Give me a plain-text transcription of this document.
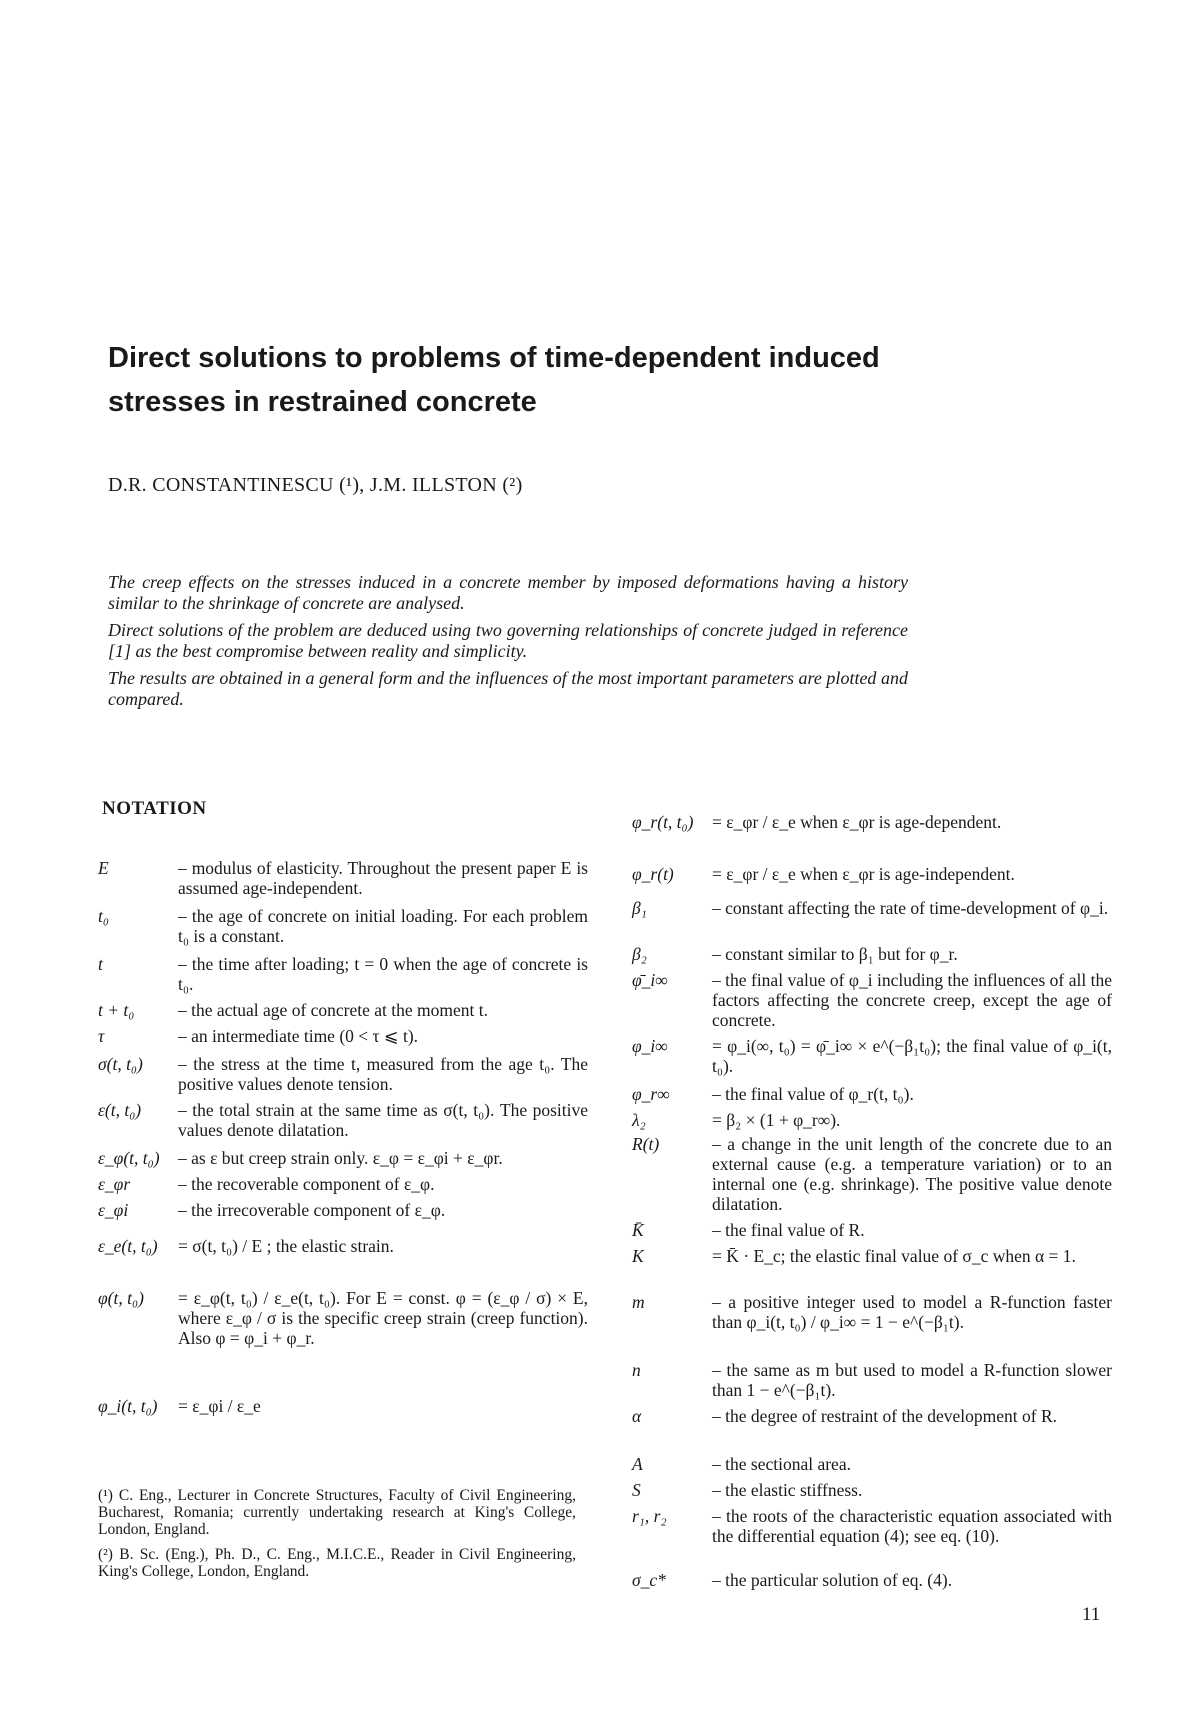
Direct solutions to problems of time-dependent induced stresses in restrained concrete
D.R. CONSTANTINESCU (¹), J.M. ILLSTON (²)

The creep effects on the stresses induced in a concrete member by imposed deformations having a history similar to the shrinkage of concrete are analysed.

Direct solutions of the problem are deduced using two governing relationships of concrete judged in reference [1] as the best compromise between reality and simplicity.

The results are obtained in a general form and the influences of the most important parameters are plotted and compared.

NOTATION
E	– modulus of elasticity. Throughout the present paper E is assumed age-independent.
t₀	– the age of concrete on initial loading. For each problem t₀ is a constant.
t	– the time after loading; t = 0 when the age of concrete is t₀.
t + t₀ – the actual age of concrete at the moment t.
τ	– an intermediate time (0 < τ ⩽ t).
σ(t, t₀) – the stress at the time t, measured from the age t₀. The positive values denote tension.
ε(t, t₀) – the total strain at the same time as σ(t, t₀). The positive values denote dilatation.
ε_φ(t, t₀) – as ε but creep strain only. ε_φ = ε_φi + ε_φr.
ε_φr	– the recoverable component of ε_φ.
ε_φi	– the irrecoverable component of ε_φ.
ε_e(t, t₀) = σ(t, t₀) / E ; the elastic strain.
φ(t, t₀) = ε_φ(t, t₀) / ε_e(t, t₀). For E = const. φ = (ε_φ / σ) × E, where ε_φ / σ is the specific creep strain (creep function). Also φ = φ_i + φ_r.
φ_i(t, t₀) = ε_φi / ε_e
φ_r(t, t₀) = ε_φr / ε_e when ε_φr is age-dependent.
φ_r(t) = ε_φr / ε_e when ε_φr is age-independent.
β₁	– constant affecting the rate of time-development of φ_i.
β₂	– constant similar to β₁ but for φ_r.
φ̄_i∞	– the final value of φ_i including the influences of all the factors affecting the concrete creep, except the age of concrete.
φ_i∞	= φ_i(∞, t₀) = φ̄_i∞ × e^(−β₁t₀); the final value of φ_i(t, t₀).
φ_r∞ – the final value of φ_r(t, t₀).
λ₂	= β₂ × (1 + φ_r∞).
R(t)	– a change in the unit length of the concrete due to an external cause (e.g. a temperature variation) or to an internal one (e.g. shrinkage). The positive value denote dilatation.
K̄	– the final value of R.
K	= K̄ · E_c; the elastic final value of σ_c when α = 1.
m	– a positive integer used to model a R-function faster than φ_i(t, t₀) / φ_i∞ = 1 − e^(−β₁t).
n	– the same as m but used to model a R-function slower than 1 − e^(−β₁t).
α	– the degree of restraint of the development of R.
A	– the sectional area.
S	– the elastic stiffness.
r₁, r₂	– the roots of the characteristic equation associated with the differential equation (4); see eq. (10).
σ_c*	– the particular solution of eq. (4).

(¹) C. Eng., Lecturer in Concrete Structures, Faculty of Civil Engineering, Bucharest, Romania; currently undertaking research at King's College, London, England.

(²) B. Sc. (Eng.), Ph. D., C. Eng., M.I.C.E., Reader in Civil Engineering, King's College, London, England.

11
